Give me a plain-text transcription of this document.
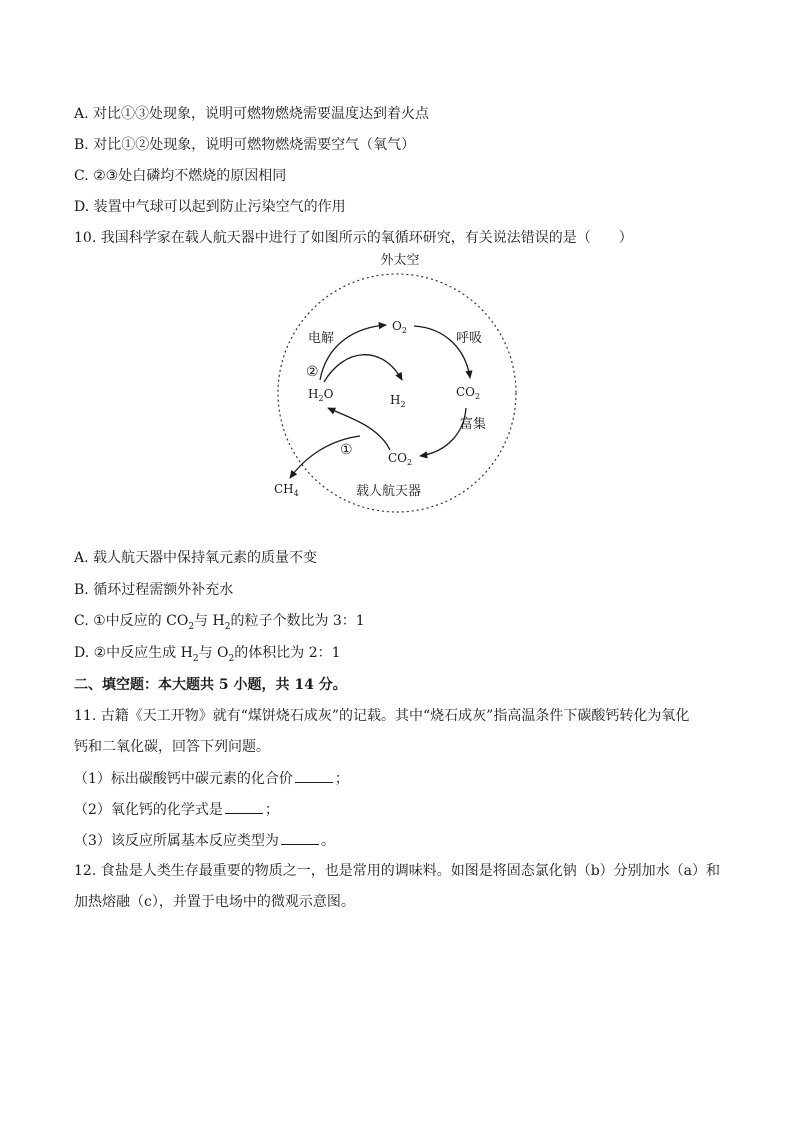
A. 对比①③处现象，说明可燃物燃烧需要温度达到着火点
B. 对比①②处现象，说明可燃物燃烧需要空气（氧气）
C. ②③处白磷均不燃烧的原因相同
D. 装置中气球可以起到防止污染空气的作用
10. 我国科学家在载人航天器中进行了如图所示的氧循环研究，有关说法错误的是（　　）
外太空
电解	呼吸
富集
②
①
$O_2$
$CO_2$
$H_2O$	$H_2$
$CO_2$
$CH_4$	载人航天器
A. 载人航天器中保持氧元素的质量不变
B. 循环过程需额外补充水
C. ①中反应的 $CO_2$与 $H_2$的粒子个数比为 3：1
D. ②中反应生成 $H_2$与 $O_2$的体积比为 2：1
二、填空题：本大题共 5 小题，共 14 分。
11. 古籍《天工开物》就有“煤饼烧石成灰”的记载。其中“烧石成灰”指高温条件下碳酸钙转化为氧化
钙和二氧化碳，回答下列问题。
（1）标出碳酸钙中碳元素的化合价	；
（2）氧化钙的化学式是	；
（3）该反应所属基本反应类型为	。
12. 食盐是人类生存最重要的物质之一，也是常用的调味料。如图是将固态氯化钠（b）分别加水（a）和
加热熔融（c），并置于电场中的微观示意图。
